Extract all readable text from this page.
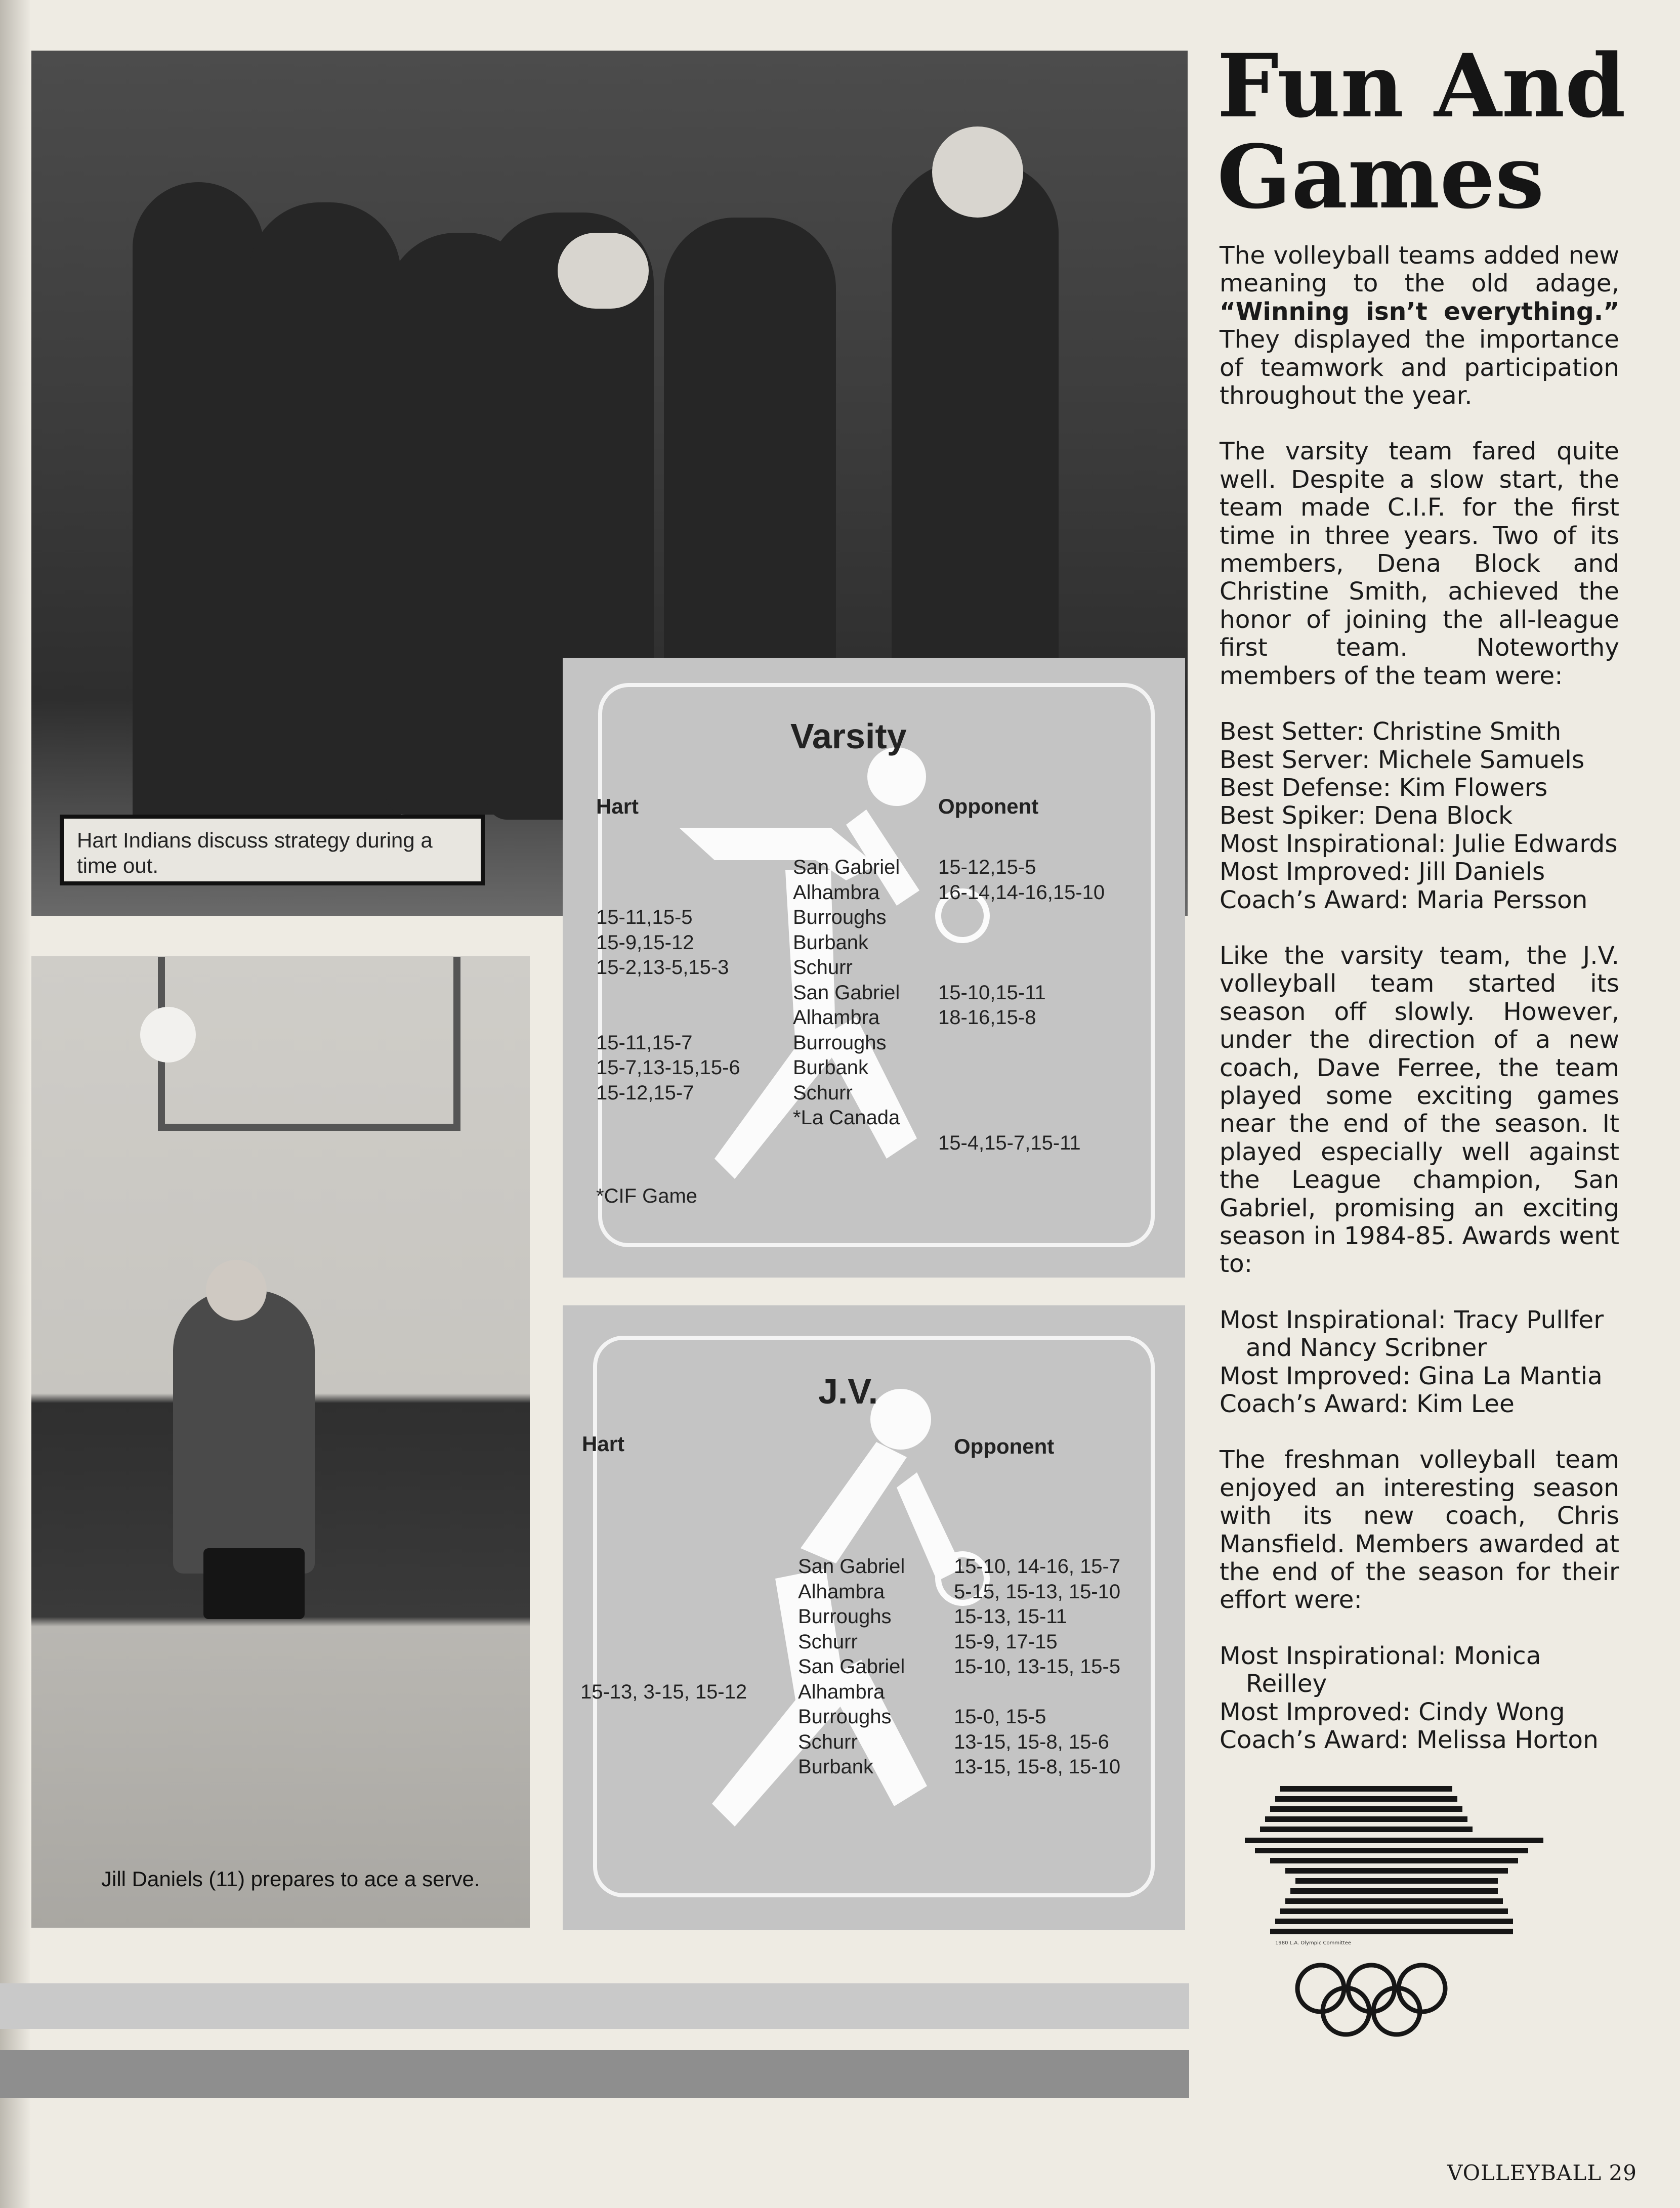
Hart Indians discuss strategy during a time out.
Jill Daniels (11) prepares to ace a serve.
Varsity
Hart	Opponent

15-11,15-5
15-9,15-12
15-2,13-5,15-3

15-11,15-7
15-7,13-15,15-6
15-12,15-7
San Gabriel
Alhambra
Burroughs
Burbank
Schurr
San Gabriel
Alhambra
Burroughs
Burbank
Schurr
*La Canada
15-12,15-5
16-14,14-16,15-10

15-10,15-11
18-16,15-8

15-4,15-7,15-11
*CIF Game
J.V.
Hart	Opponent
15-13, 3-15, 15-12
San Gabriel
Alhambra
Burroughs
Schurr
San Gabriel
Alhambra
Burroughs
Schurr
Burbank
15-10, 14-16, 15-7
5-15, 15-13, 15-10
15-13, 15-11
15-9, 17-15
15-10, 13-15, 15-5

15-0, 15-5
13-15, 15-8, 15-6
13-15, 15-8, 15-10
Fun And
Games

The volleyball teams added new meaning to the old adage, “Winning isn’t everything.” They displayed the importance of teamwork and participation throughout the year.

The varsity team fared quite well. Despite a slow start, the team made C.I.F. for the first time in three years. Two of its members, Dena Block and Christine Smith, achieved the honor of joining the all-league first team. Noteworthy members of the team were:

Best Setter: Christine Smith
Best Server: Michele Samuels
Best Defense: Kim Flowers
Best Spiker: Dena Block
Most Inspirational: Julie Edwards
Most Improved: Jill Daniels
Coach’s Award: Maria Persson

Like the varsity team, the J.V. volleyball team started its season off slowly. However, under the direction of a new coach, Dave Ferree, the team played some exciting games near the end of the season. It played especially well against the League champion, San Gabriel, promising an exciting season in 1984-85. Awards went to:

Most Inspirational: Tracy Pullfer and Nancy Scribner
Most Improved: Gina La Mantia
Coach’s Award: Kim Lee

The freshman volleyball team enjoyed an interesting season with its new coach, Chris Mansfield. Members awarded at the end of the season for their effort were:

Most Inspirational: Monica Reilley
Most Improved: Cindy Wong
Coach’s Award: Melissa Horton

1980 L.A. Olympic Committee
VOLLEYBALL 29
